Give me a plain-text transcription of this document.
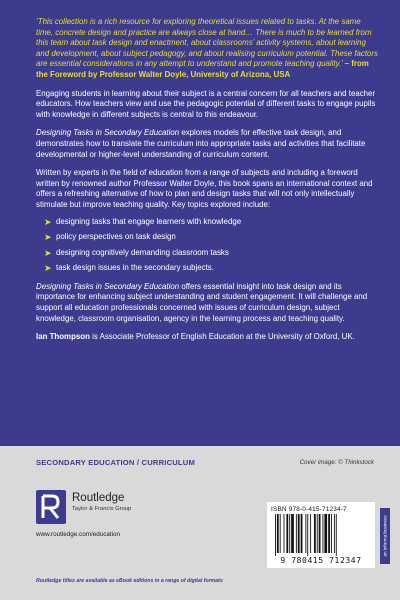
‘This collection is a rich resource for exploring theoretical issues related to tasks. At the same time, concrete design and practice are always close at hand… There is much to be learned from this team about task design and enactment, about classrooms’ activity systems, about learning and development, about subject pedagogy, and about realising curriculum potential. These factors are essential considerations in any attempt to understand and promote teaching quality.’ – from the Foreword by Professor Walter Doyle, University of Arizona, USA

Engaging students in learning about their subject is a central concern for all teachers and teacher educators. How teachers view and use the pedagogic potential of different tasks to engage pupils with knowledge in different subjects is central to this endeavour.

Designing Tasks in Secondary Education explores models for effective task design, and demonstrates how to translate the curriculum into appropriate tasks and activities that facilitate developmental or higher-level understanding of curriculum content.

Written by experts in the field of education from a range of subjects and including a foreword written by renowned author Professor Walter Doyle, this book spans an international context and offers a refreshing alternative of how to plan and design tasks that will not only intellectually stimulate but improve teaching quality. Key topics explored include:

➤ designing tasks that engage learners with knowledge
➤ policy perspectives on task design
➤ designing cognitively demanding classroom tasks
➤ task design issues in the secondary subjects.

Designing Tasks in Secondary Education offers essential insight into task design and its importance for enhancing subject understanding and student engagement. It will challenge and support all education professionals concerned with issues of curriculum design, subject knowledge, classroom organisation, agency in the learning process and teaching quality.

Ian Thompson is Associate Professor of English Education at the University of Oxford, UK.

SECONDARY EDUCATION / CURRICULUM	Cover image: © Thinkstock
Routledge
Taylor & Francis Group
www.routledge.com/education
Routledge titles are available as eBook editions in a range of digital formats
ISBN 978-0-415-71234-7
9 780415 712347
an informa business
